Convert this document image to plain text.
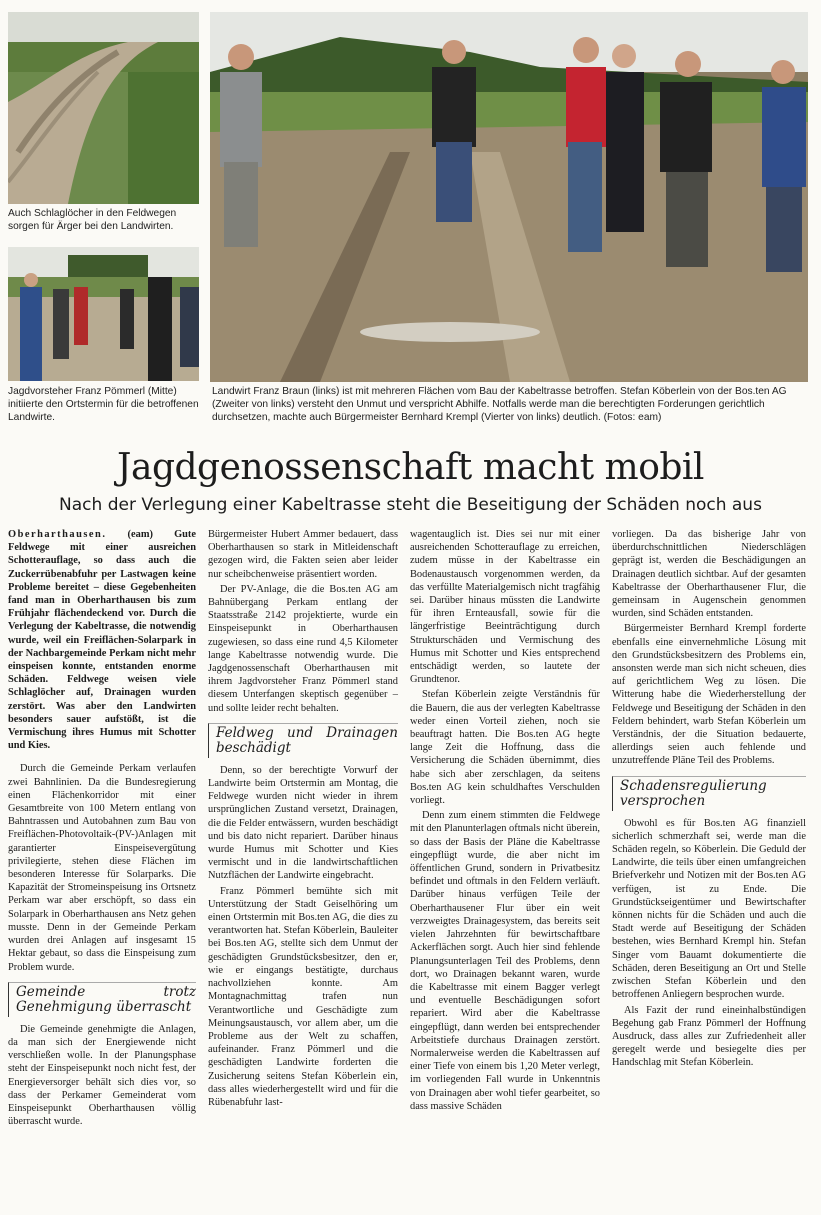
Auch Schlaglöcher in den Feldwegen sorgen für Ärger bei den Landwirten.
Jagdvorsteher Franz Pömmerl (Mitte) initiierte den Ortstermin für die betroffenen Landwirte.
Landwirt Franz Braun (links) ist mit mehreren Flächen vom Bau der Kabeltrasse betroffen. Stefan Köberlein von der Bos.ten AG (Zweiter von links) versteht den Unmut und verspricht Abhilfe. Notfalls werde man die berechtigten Forderungen gerichtlich durchsetzen, machte auch Bürgermeister Bernhard Krempl (Vierter von links) deutlich. (Fotos: eam)
Jagdgenossenschaft macht mobil
Nach der Verlegung einer Kabeltrasse steht die Beseitigung der Schäden noch aus

Oberharthausen. (eam) Gute Feldwege mit einer ausreichen Schotterauflage, so dass auch die Zuckerrübenabfuhr per Lastwagen keine Probleme bereitet – diese Gegebenheiten fand man in Oberharthausen bis zum Frühjahr flächendeckend vor. Durch die Verlegung der Kabeltrasse, die notwendig wurde, weil ein Freiflächen-Solarpark in der Nachbargemeinde Perkam nicht mehr einspeisen konnte, entstanden enorme Schäden. Feldwege weisen viele Schlaglöcher auf, Drainagen wurden zerstört. Was aber den Landwirten besonders sauer aufstößt, ist die Vermischung ihres Humus mit Schotter und Kies.

Durch die Gemeinde Perkam verlaufen zwei Bahnlinien. Da die Bundesregierung einen Flächenkorridor mit einer Gesamtbreite von 100 Metern entlang von Bahntrassen und Autobahnen zum Bau von Freiflächen-Photovoltaik-(PV-)Anlagen mit garantierter Einspeisevergütung privilegierte, stehen diese Flächen im besonderen Interesse für Solarparks. Die Kapazität der Stromeinspeisung ins Ortsnetz Perkam war aber erschöpft, so dass ein Solarpark in Oberharthausen ans Netz gehen musste. Denn in der Gemeinde Perkam wurden drei Anlagen auf insgesamt 15 Hektar gebaut, so dass die Einspeisung zum Problem wurde.

Gemeinde trotz Genehmigung überrascht

Die Gemeinde genehmigte die Anlagen, da man sich der Energiewende nicht verschließen wolle. In der Planungsphase steht der Einspeisepunkt noch nicht fest, der Energieversorger behält sich dies vor, so dass der Perkamer Gemeinderat vom Einspeisepunkt Oberharthausen völlig überrascht wurde.

Bürgermeister Hubert Ammer bedauert, dass Oberharthausen so stark in Mitleidenschaft gezogen wird, die Fakten seien aber leider nur scheibchenweise präsentiert worden.

Der PV-Anlage, die die Bos.ten AG am Bahnübergang Perkam entlang der Staatsstraße 2142 projektierte, wurde ein Einspeisepunkt in Oberharthausen zugewiesen, so dass eine rund 4,5 Kilometer lange Kabeltrasse notwendig wurde. Die Jagdgenossenschaft Oberharthausen mit ihrem Jagdvorsteher Franz Pömmerl stand diesem Unterfangen skeptisch gegenüber – und sollte leider recht behalten.

Feldweg und Drainagen beschädigt

Denn, so der berechtigte Vorwurf der Landwirte beim Ortstermin am Montag, die Feldwege wurden nicht wieder in ihrem ursprünglichen Zustand versetzt, Drainagen, die die Felder entwässern, wurden beschädigt und bis dato nicht repariert. Darüber hinaus wurde Humus mit Schotter und Kies vermischt und in die landwirtschaftlichen Nutzflächen der Landwirte eingebracht.

Franz Pömmerl bemühte sich mit Unterstützung der Stadt Geiselhöring um einen Ortstermin mit Bos.ten AG, die dies zu verantworten hat. Stefan Köberlein, Bauleiter bei Bos.ten AG, stellte sich dem Unmut der geschädigten Grundstücksbesitzer, den er, wie er eingangs bestätigte, durchaus nachvollziehen konnte. Am Montagnachmittag trafen nun Verantwortliche und Geschädigte zum Meinungsaustausch, vor allem aber, um die Probleme aus der Welt zu schaffen, aufeinander. Franz Pömmerl und die geschädigten Landwirte forderten die Zusicherung seitens Stefan Köberlein ein, dass alles wiederhergestellt wird und für die Rübenabfuhr last-

wagentauglich ist. Dies sei nur mit einer ausreichenden Schotterauflage zu erreichen, zudem müsse in der Kabeltrasse ein Bodenaustausch vorgenommen werden, da das verfüllte Materialgemisch nicht tragfähig sei. Darüber hinaus müssten die Landwirte für ihren Ernteausfall, sowie für die längerfristige Beeinträchtigung durch Strukturschäden und Vermischung des Humus mit Schotter und Kies entsprechend entschädigt werden, so lautete der Grundtenor.

Stefan Köberlein zeigte Verständnis für die Bauern, die aus der verlegten Kabeltrasse weder einen Vorteil ziehen, noch sie beauftragt hatten. Die Bos.ten AG hegte lange Zeit die Hoffnung, dass die Versicherung die Schäden übernimmt, dies habe sich aber zerschlagen, da seitens Bos.ten AG kein schuldhaftes Verschulden vorliegt.

Denn zum einem stimmten die Feldwege mit den Planunterlagen oftmals nicht überein, so dass der Basis der Pläne die Kabeltrasse eingepflügt wurde, die aber nicht im öffentlichen Grund, sondern in Privatbesitz befindet und oftmals in den Feldern verläuft. Darüber hinaus verfügen Teile der Oberharthausener Flur über ein weit verzweigtes Drainagesystem, das bereits seit vielen Jahrzehnten für bewirtschaftbare Ackerflächen sorgt. Auch hier sind fehlende Planungsunterlagen Teil des Problems, denn dort, wo Drainagen bekannt waren, wurde die Kabeltrasse mit einem Bagger verlegt und eventuelle Beschädigungen sofort repariert. Wird aber die Kabeltrasse eingepflügt, dann werden bei entsprechender Arbeitstiefe durchaus Drainagen zerstört. Normalerweise werden die Kabeltrassen auf einer Tiefe von einem bis 1,20 Meter verlegt, im vorliegenden Fall wurde in Unkenntnis von Drainagen aber wohl tiefer gearbeitet, so dass massive Schäden

vorliegen. Da das bisherige Jahr von überdurchschnittlichen Niederschlägen geprägt ist, werden die Beschädigungen an Drainagen deutlich sichtbar. Auf der gesamten Kabeltrasse der Oberharthausener Flur, die gemeinsam in Augenschein genommen wurden, sind Schäden entstanden.

Bürgermeister Bernhard Krempl forderte ebenfalls eine einvernehmliche Lösung mit den Grundstücksbesitzern des Problems ein, ansonsten werde man sich nicht scheuen, dies auf gerichtlichem Weg zu lösen. Die Witterung habe die Wiederherstellung der Feldwege und Beseitigung der Schäden in den Feldern behindert, warb Stefan Köberlein um Verständnis, der die Situation bedauerte, allerdings seien auch fehlende und unzutreffende Pläne Teil des Problems.

Schadensregulierung versprochen

Obwohl es für Bos.ten AG finanziell sicherlich schmerzhaft sei, werde man die Schäden regeln, so Köberlein. Die Geduld der Landwirte, die teils über einen umfangreichen Briefverkehr und Notizen mit der Bos.ten AG verfügen, ist zu Ende. Die Grundstückseigentümer und Bewirtschafter können nichts für die Schäden und auch die Stadt werde auf Beseitigung der Schäden bestehen, wies Bernhard Krempl hin. Stefan Singer vom Bauamt dokumentierte die Schäden, deren Beseitigung an Ort und Stelle zwischen Stefan Köberlein und den betroffenen Anliegern besprochen wurde.

Als Fazit der rund eineinhalbstündigen Begehung gab Franz Pömmerl der Hoffnung Ausdruck, dass alles zur Zufriedenheit aller geregelt werde und besiegelte dies per Handschlag mit Stefan Köberlein.
